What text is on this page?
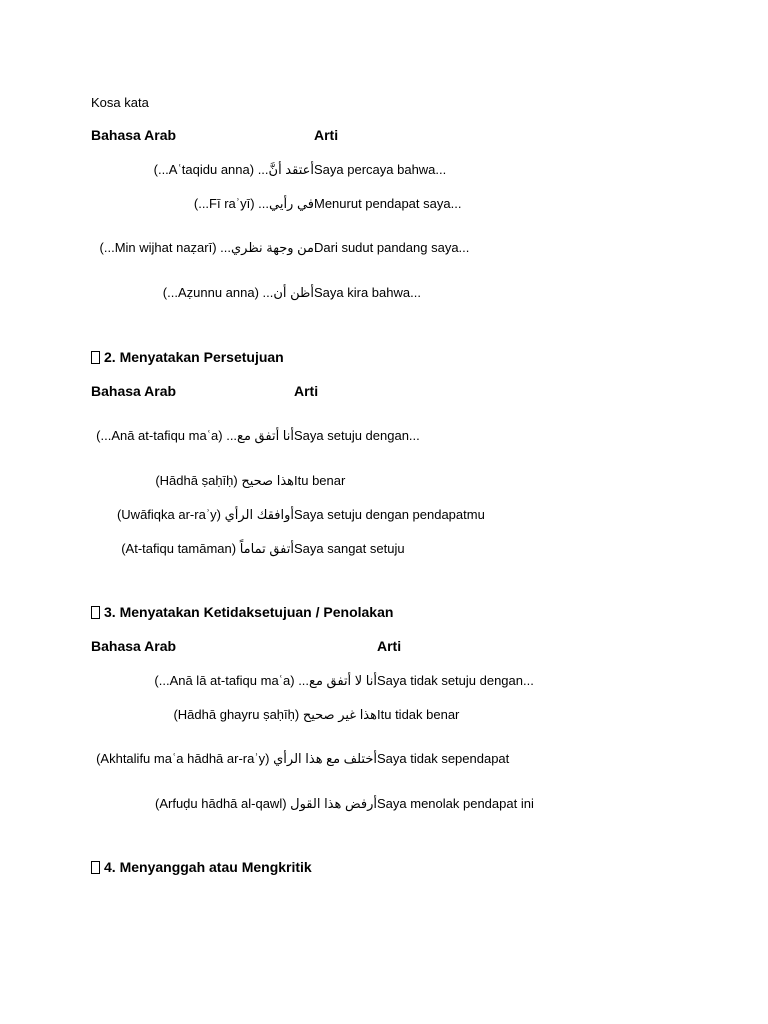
Kosa kata
Bahasa Arab	Arti
أعتقد أنَّ... (Aʿtaqidu anna...)	Saya percaya bahwa...
في رأيي... (Fī raʾyī...)	Menurut pendapat saya...
من وجهة نظري... (Min wijhat naẓarī...)	Dari sudut pandang saya...
أظن أن... (Aẓunnu anna...)	Saya kira bahwa...
2. Menyatakan Persetujuan
Bahasa Arab	Arti
أنا أتفق مع... (Anā at-tafiqu maʿa...)	Saya setuju dengan...
هذا صحيح (Hādhā ṣaḥīḥ)	Itu benar
أوافقك الرأي (Uwāfiqka ar-raʾy)	Saya setuju dengan pendapatmu
أتفق تماماً (At-tafiqu tamāman)	Saya sangat setuju
3. Menyatakan Ketidaksetujuan / Penolakan
Bahasa Arab	Arti
أنا لا أتفق مع... (Anā lā at-tafiqu maʿa...)	Saya tidak setuju dengan...
هذا غير صحيح (Hādhā ghayru ṣaḥīḥ)	Itu tidak benar
أختلف مع هذا الرأي (Akhtalifu maʿa hādhā ar-raʾy)	Saya tidak sependapat
أرفض هذا القول (Arfuḍu hādhā al-qawl)	Saya menolak pendapat ini
4. Menyanggah atau Mengkritik
